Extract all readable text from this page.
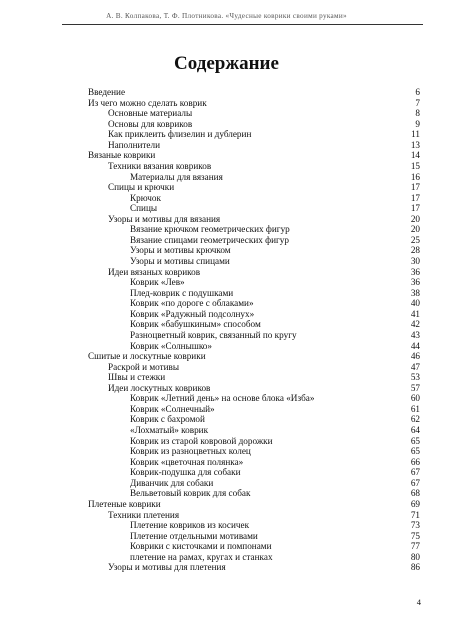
А. В. Колпакова, Т. Ф. Плотникова. «Чудесные коврики своими руками»
Содержание
Введение	6
Из чего можно сделать коврик	7
Основные материалы	8
Основы для ковриков	9
Как приклеить флизелин и дублерин	11
Наполнители	13
Вязаные коврики	14
Техники вязания ковриков	15
Материалы для вязания	16
Спицы и крючки	17
Крючок	17
Спицы	17
Узоры и мотивы для вязания	20
Вязание крючком геометрических фигур	20
Вязание спицами геометрических фигур	25
Узоры и мотивы крючком	28
Узоры и мотивы спицами	30
Идеи вязаных ковриков	36
Коврик «Лев»	36
Плед-коврик с подушками	38
Коврик «по дороге с облаками»	40
Коврик «Радужный подсолнух»	41
Коврик «бабушкиным» способом	42
Разноцветный коврик, связанный по кругу	43
Коврик «Солнышко»	44
Сшитые и лоскутные коврики	46
Раскрой и мотивы	47
Швы и стежки	53
Идеи лоскутных ковриков	57
Коврик «Летний день» на основе блока «Изба»	60
Коврик «Солнечный»	61
Коврик с бахромой	62
«Лохматый» коврик	64
Коврик из старой ковровой дорожки	65
Коврик из разноцветных колец	65
Коврик «цветочная полянка»	66
Коврик-подушка для собаки	67
Диванчик для собаки	67
Вельветовый коврик для собак	68
Плетеные коврики	69
Техники плетения	71
Плетение ковриков из косичек	73
Плетение отдельными мотивами	75
Коврики с кисточками и помпонами	77
плетение на рамах, кругах и станках	80
Узоры и мотивы для плетения	86
4
